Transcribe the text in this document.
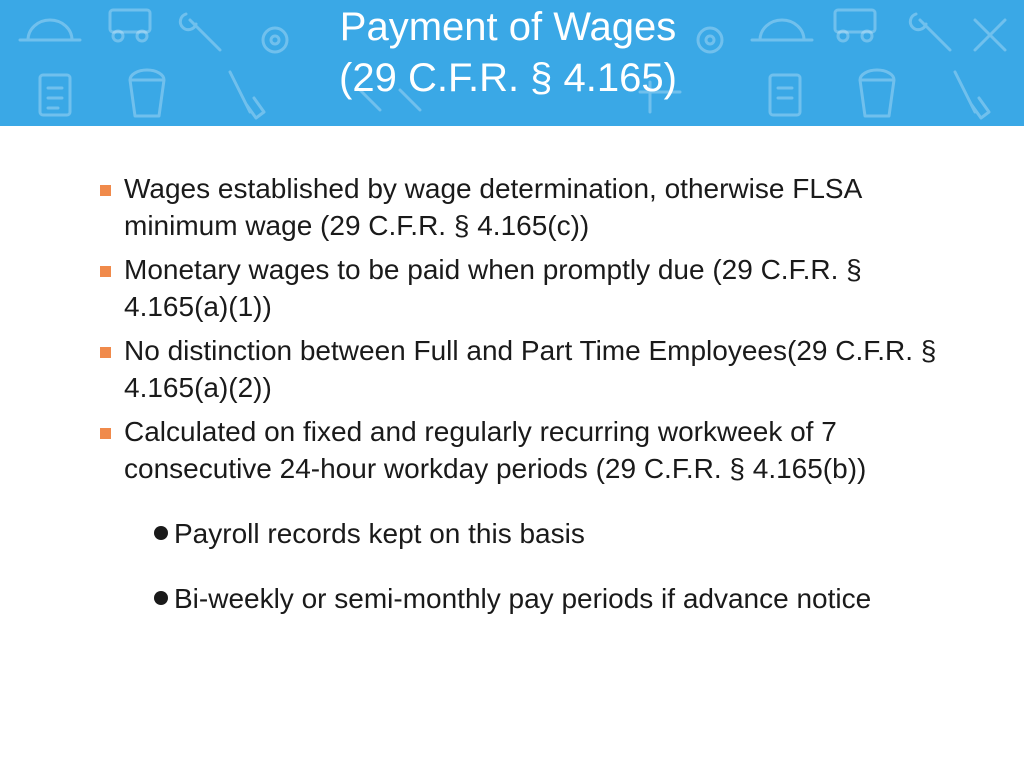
Payment of Wages
(29 C.F.R. § 4.165)

Wages established by wage determination, otherwise FLSA minimum wage (29 C.F.R. § 4.165(c))

Monetary wages to be paid when promptly due (29 C.F.R. § 4.165(a)(1))

No distinction between Full and Part Time Employees(29 C.F.R. § 4.165(a)(2))

Calculated on fixed and regularly recurring workweek of 7 consecutive 24-hour workday periods (29 C.F.R. § 4.165(b))

Payroll records kept on this basis

Bi-weekly or semi-monthly pay periods if advance notice
